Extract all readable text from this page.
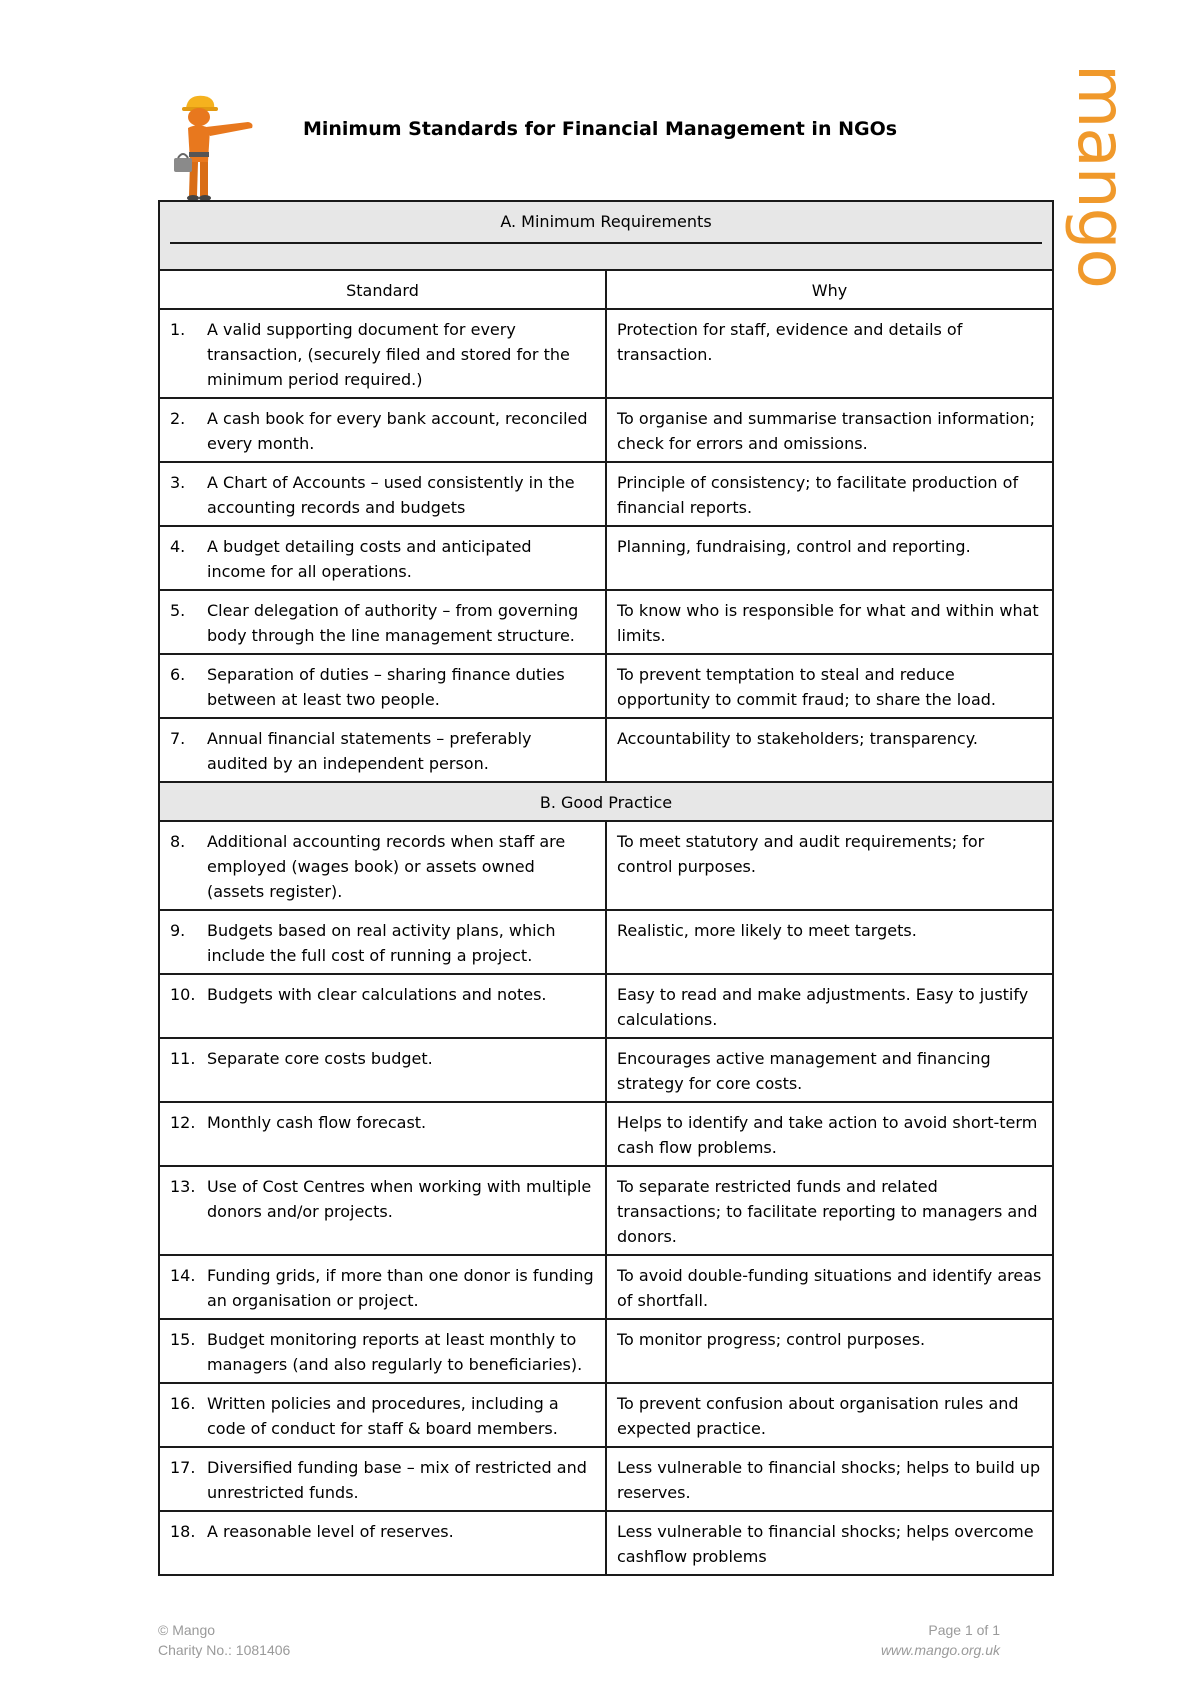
mango
Minimum Standards for Financial Management in NGOs
A. Minimum Requirements	

Standard	Why

1. A valid supporting document for every transaction, (securely filed and stored for the minimum period required.)	Protection for staff, evidence and details of transaction.

2. A cash book for every bank account, reconciled every month.	To organise and summarise transaction information; check for errors and omissions.

3. A Chart of Accounts – used consistently in the accounting records and budgets	Principle of consistency; to facilitate production of financial reports.

4. A budget detailing costs and anticipated income for all operations.	Planning, fundraising, control and reporting.

5. Clear delegation of authority – from governing body through the line management structure.	To know who is responsible for what and within what limits.

6. Separation of duties – sharing finance duties between at least two people.	To prevent temptation to steal and reduce opportunity to commit fraud; to share the load.

7. Annual financial statements – preferably audited by an independent person.	Accountability to stakeholders; transparency.
B. Good Practice	

8. Additional accounting records when staff are employed (wages book) or assets owned (assets register).	To meet statutory and audit requirements; for control purposes.

9. Budgets based on real activity plans, which include the full cost of running a project.	Realistic, more likely to meet targets.

10. Budgets with clear calculations and notes.	Easy to read and make adjustments. Easy to justify calculations.

11. Separate core costs budget.	Encourages active management and financing strategy for core costs.

12. Monthly cash flow forecast.	Helps to identify and take action to avoid short-term cash flow problems.

13. Use of Cost Centres when working with multiple donors and/or projects.	To separate restricted funds and related transactions; to facilitate reporting to managers and donors.

14. Funding grids, if more than one donor is funding an organisation or project.	To avoid double-funding situations and identify areas of shortfall.

15. Budget monitoring reports at least monthly to managers (and also regularly to beneficiaries).	To monitor progress; control purposes.

16. Written policies and procedures, including a code of conduct for staff & board members.	To prevent confusion about organisation rules and expected practice.

17. Diversified funding base – mix of restricted and unrestricted funds.	Less vulnerable to financial shocks; helps to build up reserves.

18. A reasonable level of reserves.	Less vulnerable to financial shocks; helps overcome cashflow problems
© Mango
Charity No.: 1081406
Page 1 of 1
www.mango.org.uk
